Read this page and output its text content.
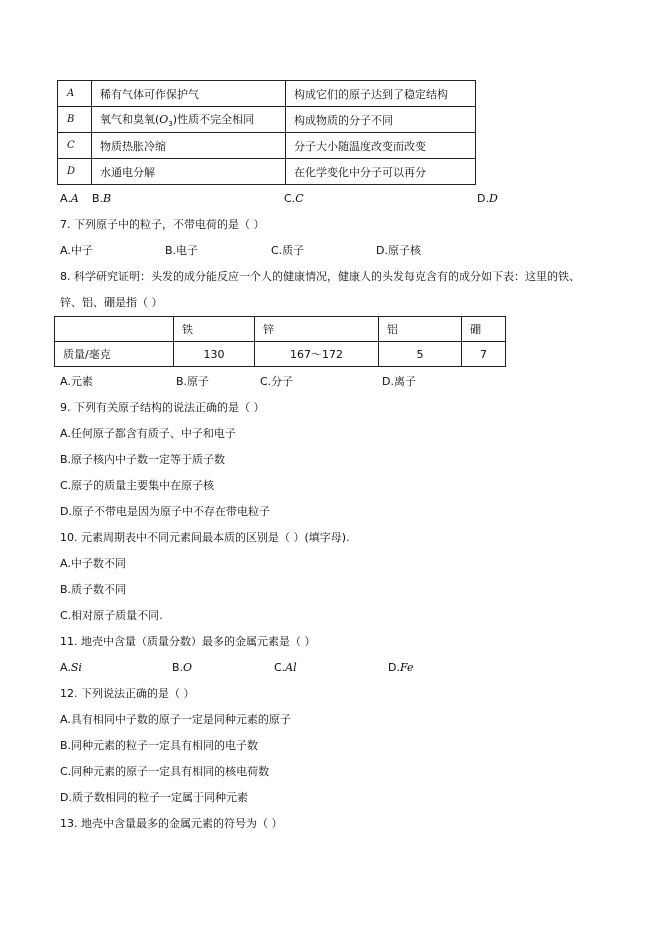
A	稀有气体可作保护气	构成它们的原子达到了稳定结构
B	氧气和臭氧$(O_3)$性质不完全相同	构成物质的分子不同
C	物质热胀冷缩	分子大小随温度改变而改变
D	水通电分解	在化学变化中分子可以再分
A.A B.B	C.C	D.D
7. 下列原子中的粒子，不带电荷的是（ ）
A.中子	B.电子	C.质子	D.原子核
8. 科学研究证明：头发的成分能反应一个人的健康情况，健康人的头发每克含有的成分如下表：这里的铁、
锌、铝、硼是指（ ）
	铁	锌	铝	硼
质量/毫克	130	167～172	5	7
A.元素	B.原子	C.分子	D.离子
9. 下列有关原子结构的说法正确的是（ ）
A.任何原子都含有质子、中子和电子
B.原子核内中子数一定等于质子数
C.原子的质量主要集中在原子核
D.原子不带电是因为原子中不存在带电粒子
10. 元素周期表中不同元素间最本质的区别是（ ）(填字母).
A.中子数不同
B.质子数不同
C.相对原子质量不同.
11. 地壳中含量（质量分数）最多的金属元素是（ ）
A.Si	B.O	C.Al	D.Fe
12. 下列说法正确的是（ ）
A.具有相同中子数的原子一定是同种元素的原子
B.同种元素的粒子一定具有相同的电子数
C.同种元素的原子一定具有相同的核电荷数
D.质子数相同的粒子一定属于同种元素
13. 地壳中含量最多的金属元素的符号为（ ）
